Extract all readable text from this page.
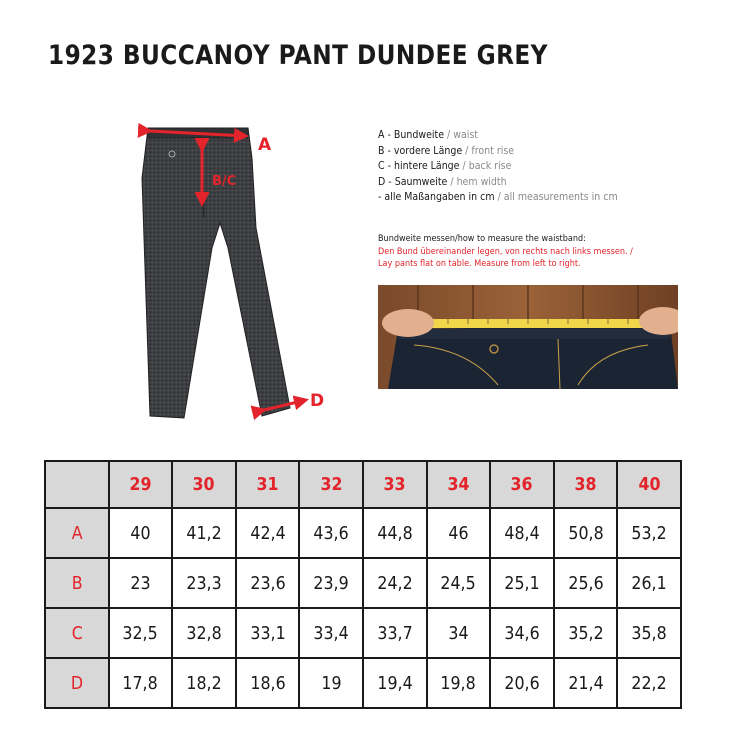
1923 BUCCANOY PANT DUNDEE GREY
A
B/C
D
A - Bundweite / waist
B - vordere Länge / front rise
C - hintere Länge / back rise
D - Saumweite / hem width
- alle Maßangaben in cm / all measurements in cm
Bundweite messen/how to measure the waistband:
Den Bund übereinander legen, von rechts nach links messen. /
Lay pants flat on table. Measure from left to right.
	29	30	31	32	33	34	36	38	40
A	40	41,2	42,4	43,6	44,8	46	48,4	50,8	53,2
B	23	23,3	23,6	23,9	24,2	24,5	25,1	25,6	26,1
C	32,5	32,8	33,1	33,4	33,7	34	34,6	35,2	35,8
D	17,8	18,2	18,6	19	19,4	19,8	20,6	21,4	22,2
